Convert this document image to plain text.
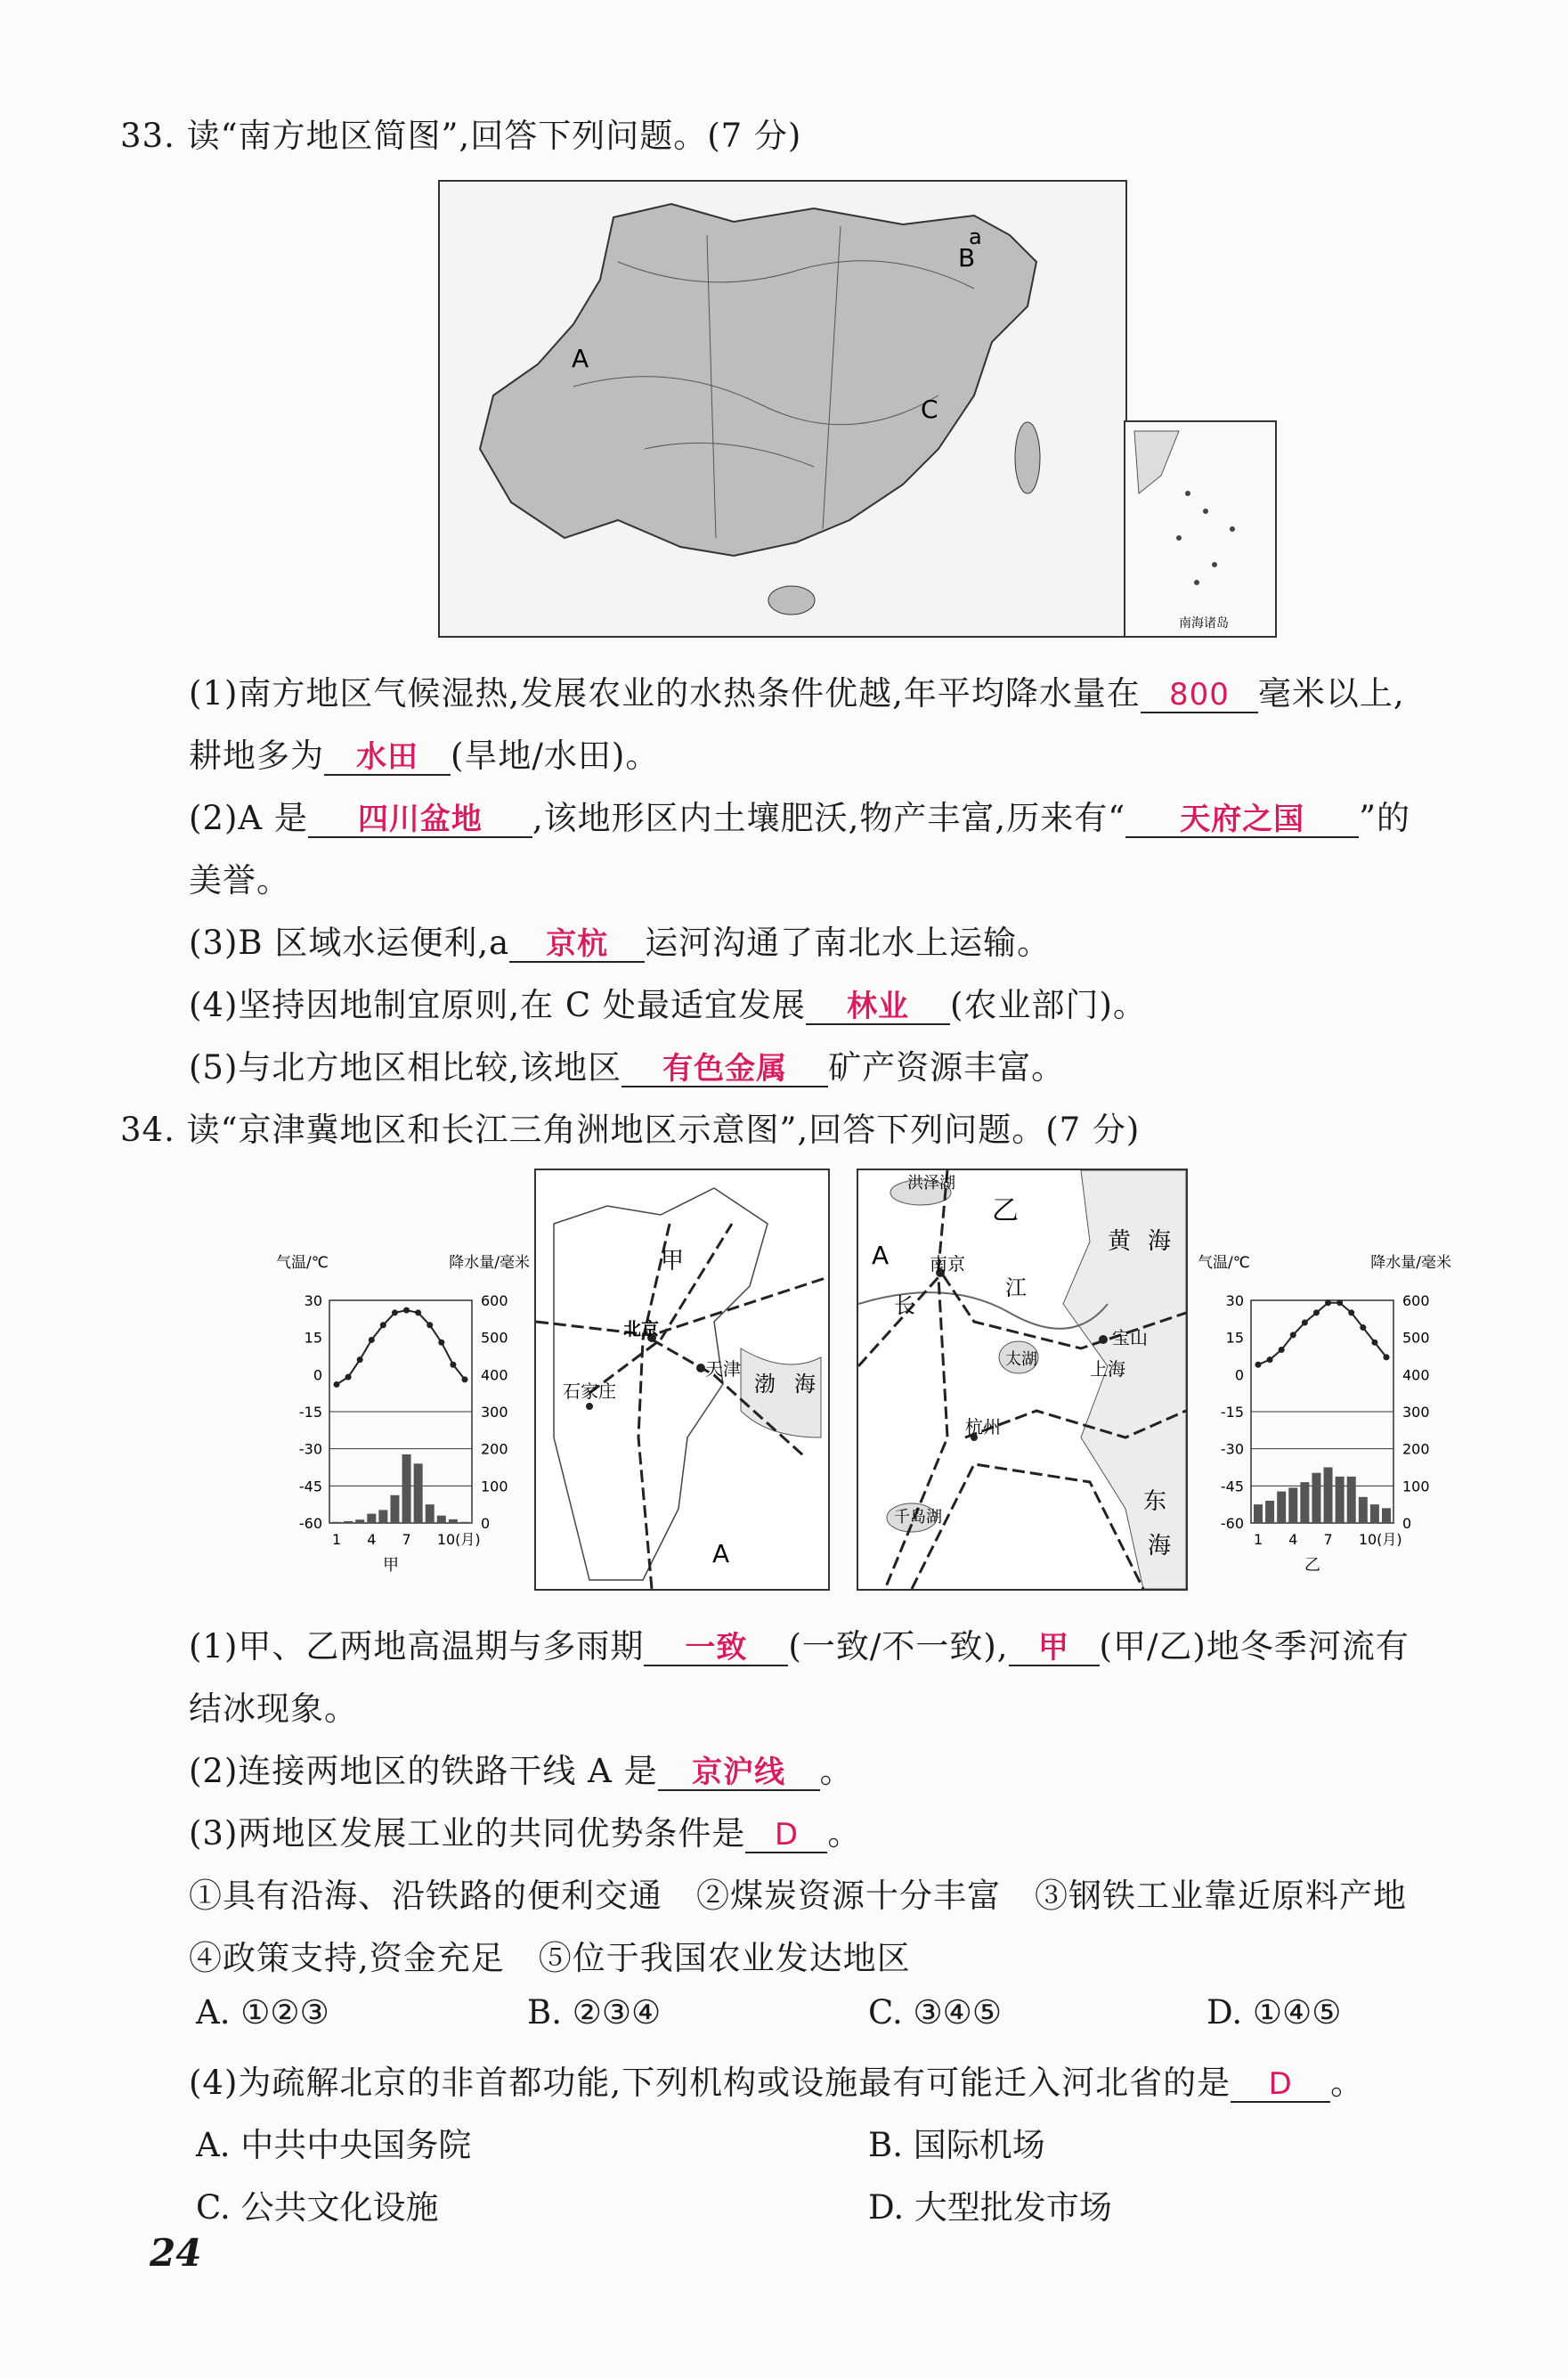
33. 读“南方地区简图”,回答下列问题。(7 分)
A
B
a
C
南海诸岛
(1)南方地区气候湿热,发展农业的水热条件优越,年平均降水量在 800 毫米以上,
耕地多为 水田 (旱地/水田)。
(2)A 是 四川盆地 ,该地形区内土壤肥沃,物产丰富,历来有“ 天府之国 ”的
美誉。
(3)B 区域水运便利,a 京杭 运河沟通了南北水上运输。
(4)坚持因地制宜原则,在 C 处最适宜发展 林业 (农业部门)。
(5)与北方地区相比较,该地区 有色金属 矿产资源丰富。
34. 读“京津冀地区和长江三角洲地区示意图”,回答下列问题。(7 分)
气温/℃	降水量/毫米
30
15
0
-15
-30
-45
-60
600
500
400
300
200
100
0
1 4 7 10(月)
甲
甲
北京
天津
石家庄	渤 海
A
洪泽湖
乙
黄 海
A 南京
江
长
宝山
上海
太湖
杭州
千岛湖
东
海
气温/℃	降水量/毫米
30
15
0
-15
-30
-45
-60
600
500
400
300
200
100
0
1 4 7 10(月)
乙
(1)甲、乙两地高温期与多雨期 一致 (一致/不一致), 甲 (甲/乙)地冬季河流有
结冰现象。
(2)连接两地区的铁路干线 A 是 京沪线 。
(3)两地区发展工业的共同优势条件是 D 。
①具有沿海、沿铁路的便利交通　②煤炭资源十分丰富　③钢铁工业靠近原料产地
④政策支持,资金充足　⑤位于我国农业发达地区
A. ①②③	B. ②③④	C. ③④⑤	D. ①④⑤
(4)为疏解北京的非首都功能,下列机构或设施最有可能迁入河北省的是 D 。
A. 中共中央国务院	B. 国际机场
C. 公共文化设施	D. 大型批发市场
24
